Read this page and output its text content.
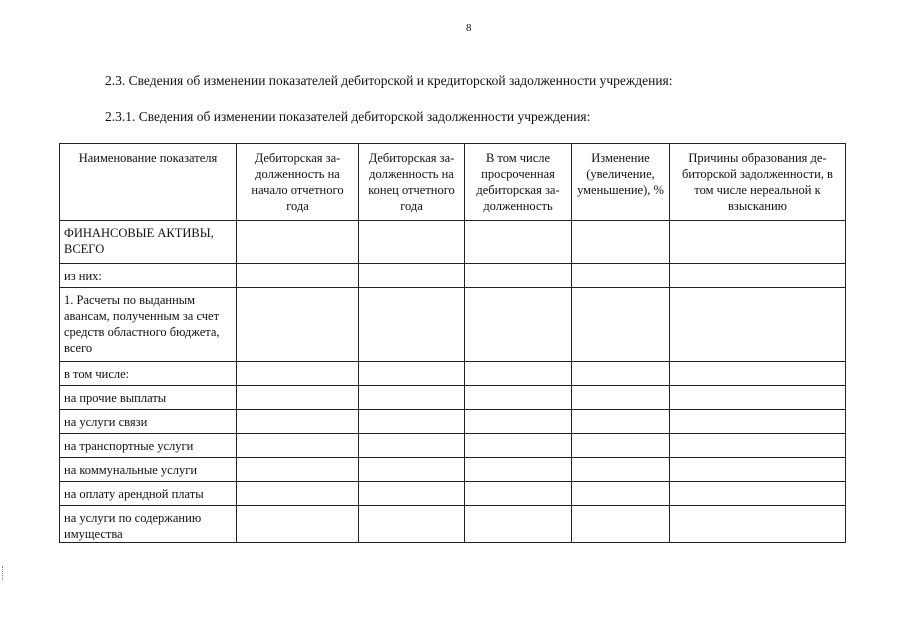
8
2.3. Сведения об изменении показателей дебиторской и кредиторской задолженности учреждения:
2.3.1. Сведения об изменении показателей дебиторской задолженности учреждения:
Наименование показателя	Дебиторская за-долженность на начало отчетного года	Дебиторская за-долженность на конец отчетного года	В том числе просроченная дебиторская за-долженность	Изменение (увеличение, уменьшение), %	Причины образования де-биторской задолженности, в том числе нереальной к взысканию
ФИНАНСОВЫЕ АКТИВЫ, ВСЕГО					
из них:					
1. Расчеты по выданным авансам, полученным за счет средств областного бюджета, всего					
в том числе:					
на прочие выплаты					
на услуги связи					
на транспортные услуги					
на коммунальные услуги					
на оплату арендной платы					
на услуги по содержанию имущества					
